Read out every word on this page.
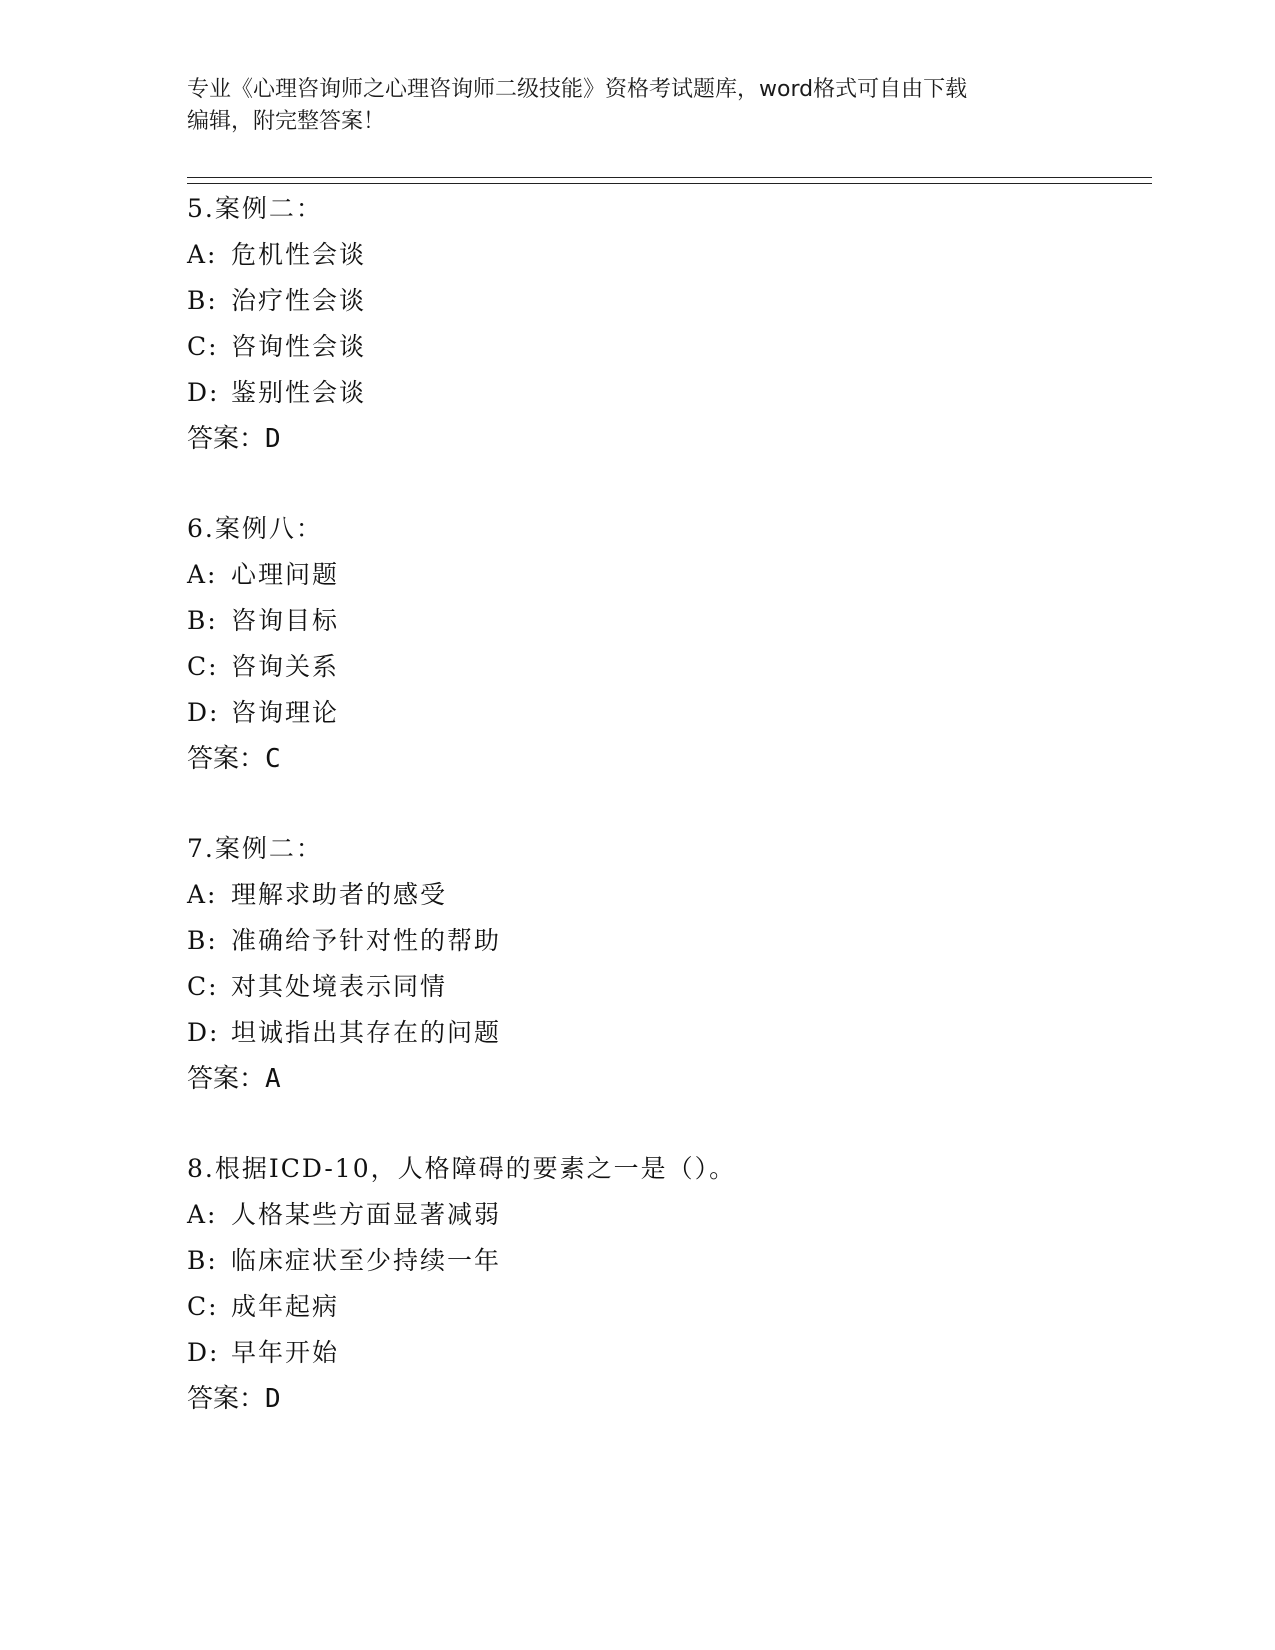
专业《心理咨询师之心理咨询师二级技能》资格考试题库，word格式可自由下载
编辑，附完整答案！
5.案例二：
A: 危机性会谈
B: 治疗性会谈
C: 咨询性会谈
D: 鉴别性会谈
答案：D
6.案例八：
A: 心理问题
B: 咨询目标
C: 咨询关系
D: 咨询理论
答案：C
7.案例二：
A: 理解求助者的感受
B: 准确给予针对性的帮助
C: 对其处境表示同情
D: 坦诚指出其存在的问题
答案：A
8.根据ICD-10，人格障碍的要素之一是（）。
A: 人格某些方面显著减弱
B: 临床症状至少持续一年
C: 成年起病
D: 早年开始
答案：D
